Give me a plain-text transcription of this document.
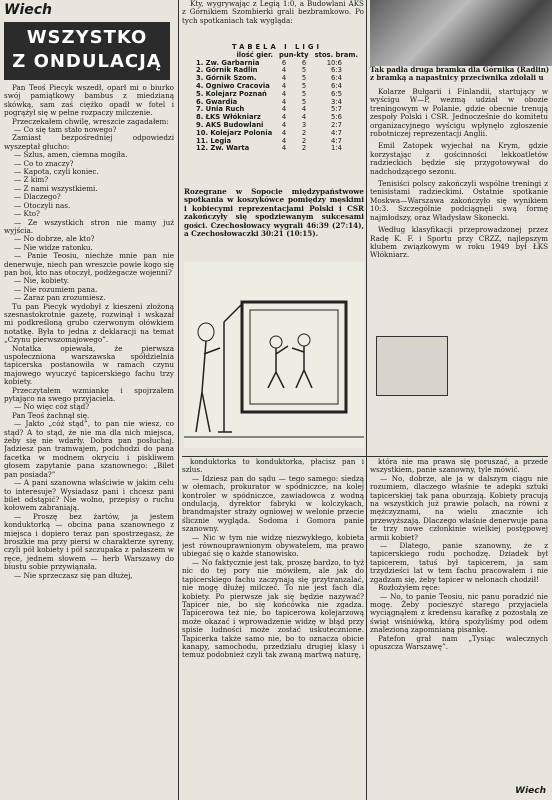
Wiech
WSZYSTKO
Z ONDULACJĄ

Pan Teoś Piecyk wszedł, oparł mi o biurko swój pamiątkowy bambus z miedzianą skówką, sam zaś ciężko opadł w fotel i pogrążył się w pełne rozpaczy milczenie.

Przeczekałem chwilę, wreszcie zagadałem:

— Co się tam stało nowego?

Zamiast bezpośredniej odpowiedzi wyszeptał głucho:

— Szlus, amen, ciemna mogiła.

— Co to znaczy?

— Kapota, czyli koniec.

— Z kim?

— Z nami wszystkiemi.

— Dlaczego?

— Otoczyli nas.

— Kto?

— Ze wszystkich stron nie mamy już wyjścia.

— No dobrze, ale kto?

— Nie widze ratonku.

— Panie Teosiu, niechże mnie pan nie denerwuje, niech pan wreszcie powie kogo się pan boi, kto nas otoczył, podżegacze wojenni?

— Nie, kobiety.

— Nie rozumiem pana.

— Zaraz pan zrozumiesz.

Tu pan Piecyk wydobył z kieszeni złożoną szesnastokrotnie gazetę, rozwinął i wskazał mi podkreśloną grubo czerwonym ołówkiem notatkę. Była to jedna z deklaracji na temat „Czynu pierwszomajowego”.

Notatka opiewała, że pierwsza uspołeczniona warszawska spółdzielnia tapicerska postanowiła w ramach czynu majowego wyuczyć tapicerskiego fachu trzy kobiety.

Przeczytałem wzmiankę i spojrzałem pytająco na swego przyjaciela.

— No więc cóż stąd?

Pan Teoś żachnął się.

— Jakto „cóż stąd”, to pan nie wiesz, co stąd? A to stąd, że nie ma dla nich miejsca, żeby się nie wdarły. Dobra pan posłuchaj. Jadziesz pan tramwajem, podchodzi do pana facetka w modnem okryciu i piskliwem głosem zapytanie pana szanownego: „Bilet pan posiada?”

— A pani szanowna właściwie w jakim celu to interesuje? Wysiadasz pani i chcesz pani bilet odstąpić? Nie wolno, przepisy o ruchu kołowem zabraniają.

— Proszę bez żartów, ja jestem konduktorką — obcina pana szanownego z miejsca i dopiero teraz pan spostrzegasz, że broszkie ma przy piersi w charakterze syreny, czyli pół kobiety i pół szczupaka z pałaszem w ręce, jednem słowem — herb Warszawy do biustu sobie przywiąnała.

— Nie sprzeczasz się pan dłużej,

Kty, wygrywając z Legią 1:0, a Budowlani AKS z Górnikiem Szombierki grali bezbramkowo. Po tych spotkaniach tak wygląda:

TABELA I LIGI
ilość gier. pun-kty stos. bram.
1. Zw. Garbarnia	6	6	10:6
2. Górnik Radlin	4	5	6:3
3. Górnik Szom.	4	5	6:4
4. Ogniwo Cracovia	4	5	6:4
5. Kolejarz Poznań	4	5	6:5
6. Gwardia	4	5	3:4
7. Unia Ruch	4	4	5:7
8. ŁKS Włókniarz	4	4	5:6
9. AKS Budowlani	4	3	2:7
10. Kolejarz Polonia	4	2	4:7
11. Legia	4	2	4:7
12. Zw. Warta	4	2	1:4
Rozegrane w Sopocie międzypaństwowe spotkania w koszykówce pomiędzy męskimi i kobiecymi reprezentacjami Polski i CSR zakończyły się spodziewanym sukcesami gości. Czechosłowacy wygrali 46:39 (27:14), a Czechosłowaczki 30:21 (10:15).
Tak padła druga bramka dla Górnika (Radlin) z bramką a napastnicy przeciwnika zdołali u

Kolarze Bułgarii i Finlandii, startujący w wyścigu W—P, wezmą udział w obozie treningowym w Polanie, gdzie obecnie trenują zespoły Polski i CSR. Jednocześnie do komitetu organizacyjnego wyścigu wpłynęło zgłoszenie robotniczej reprezentacji Anglii.

Emil Zatopek wyjechał na Krym, gdzie korzystając z gościnności lekkoatletów radzieckich będzie się przygotowywał do nadchodzącego sezonu.

Tenisiści polscy zakończyli wspólne treningi z tenisistami radzieckimi. Ostatnie spotkanie Moskwa—Warszawa zakończyło się wynikiem 10:3. Szczególnie podciągnęli swą formę najmłodszy, oraz Władysław Skonecki.

Według klasyfikacji przeprowadzonej przez Radę K. F. i Sportu przy CRZZ, najlepszym klubem związkowym w roku 1949 był ŁKS Włókniarz.

konduktorka to konduktorka, płacisz pan i szlus.

— Idziesz pan do sądu — tego samego: siedzą w ołemach, prokurator w spódniczce, na kolej kontroler w spódniczce, zawiadowca z wodną ondulacją, dyrektor fabryki w kolczykach, brandmajster straży ogniowej w welonie przecie ślicznie wygląda. Sodoma i Gomora panie szanowny.

— Nic w tym nie widzę niezwykłego, kobieta jest równouprawnionym obywatelem, ma prawo ubiegać się o każde stanowisko.

— No faktycznie jest tak, proszę bardzo, to tyż nic do tej pory nie mówiłem, ale jak do tapicerskiego fachu zaczynają się przytranzalać, nie mogę dłużej milczeć. To nie jest fach dla kobiety. Po pierwsze jak się będzie nazywać? Tapicer nie, bo się końcówka nie zgadza. Tapicerowa też nie, bo tapicerowa kolejarzową może okazać i wprowadzenie widzę w błąd przy spisie ludności może zostać uskutecznione. Tapicerka także samo nie, bo to oznacza obicie kanapy, samochodu, przedziału drugiej klasy i temuż podobnież czyli tak zwaną martwą naturę,

która nie ma prawa się poruszać, a przede wszystkiem, panie szanowny, tyle mówić.

— No, dobrze, ale ja w dalszym ciągu nie rozumiem, dlaczego właśnie te adepki sztuki tapicerskiej tak pana oburzają. Kobiety pracują na wszystkich już prawie polach, na równi z mężczyznami, na wielu znacznie ich przewyższają. Dlaczego właśnie denerwuje pana te trzy nowe członkinie wielkiej postępowej armii kobiet?

— Dlatego, panie szanowny, że z tapicerskiego rodu pochodzę. Dziadek był tapicerem, tatuś był tapicerem, ja sam trzydzieści lat w tem fachu pracowałem i nie zgadzam się, żeby tapicer w nelonach chodził!

Rozłożyłem ręce:

— No, to panie Teosiu, nic panu poradzić nie mogę. Żeby pocieszyć starego przyjaciela wyciągnąłem z kredensu karafkę z pozostałą ze świąt wiśniówką, którą spożyliśmy pod odem znalezioną zapomnianą pisankę.

Patefon grał nam „Tysiąc walecznych opuszcza Warszawę”.

Wiech
